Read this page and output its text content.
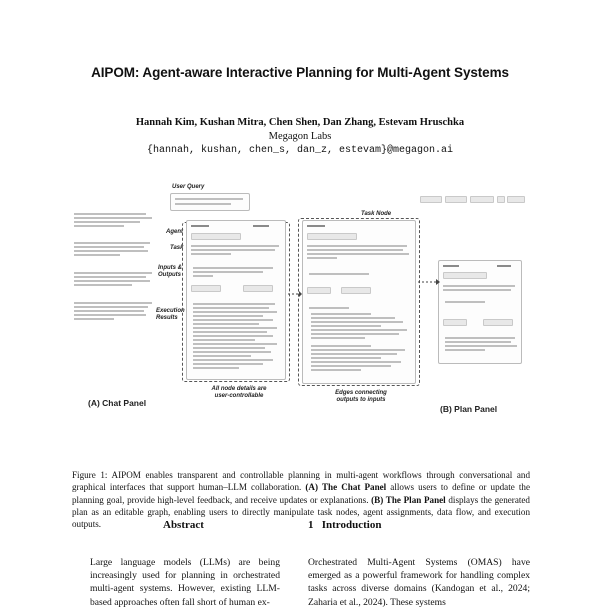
AIPOM: Agent-aware Interactive Planning for Multi-Agent Systems
Hannah Kim, Kushan Mitra, Chen Shen, Dan Zhang, Estevam Hruschka
Megagon Labs
{hannah, kushan, chen_s, dan_z, estevam}@megagon.ai
User Query
Agent
Task
Inputs & Outputs
Execution Results
Task Node
(A) Chat Panel
All node details are user-controllable	Edges connecting outputs to inputs
(B) Plan Panel
Figure 1: AIPOM enables transparent and controllable planning in multi-agent workflows through conversational and graphical interfaces that support human–LLM collaboration. (A) The Chat Panel allows users to define or update the planning goal, provide high-level feedback, and receive updates or explanations. (B) The Plan Panel displays the generated plan as an editable graph, enabling users to directly manipulate task nodes, agent assignments, data flow, and execution outputs.	Abstract
Large language models (LLMs) are being increasingly used for planning in orchestrated multi-agent systems. However, existing LLM-based approaches often fall short of human ex-
1   Introduction
Orchestrated Multi-Agent Systems (OMAS) have emerged as a powerful framework for handling complex tasks across diverse domains (Kandogan et al., 2024; Zaharia et al., 2024). These systems
